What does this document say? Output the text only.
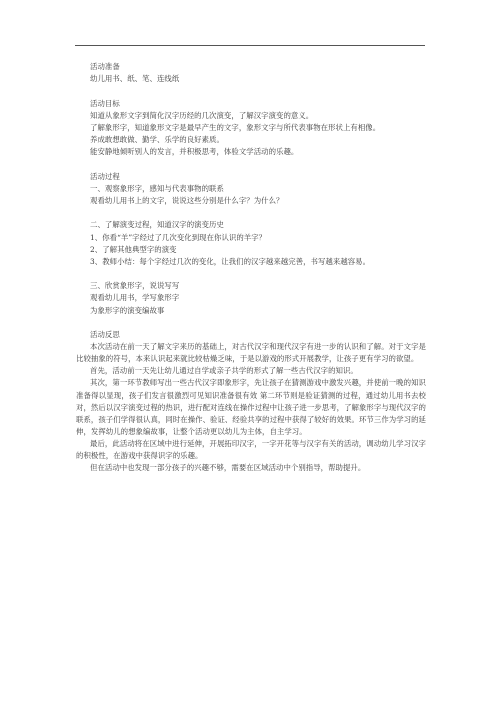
活动准备
幼儿用书、纸、笔、连线纸
活动目标
知道从象形文字到简化汉字历经的几次演变，了解汉字演变的意义。
了解象形字，知道象形文字是最早产生的文字，象形文字与所代表事物在形状上有相像。
养成敢想敢做、勤学、乐学的良好素质。
能安静地倾听别人的发言，并积极思考，体验文学活动的乐趣。
活动过程
一、观察象形字，感知与代表事物的联系
观看幼儿用书上的文字，说说这些分别是什么字？为什么？
二、了解演变过程，知道汉字的演变历史
1、你看“羊”字经过了几次变化到现在你认识的羊字？
2、了解其他典型字的演变
3、教师小结：每个字经过几次的变化，让我们的汉字越来越完善，书写越来越容易。
三、欣赏象形字，说说写写
观看幼儿用书，学写象形字
为象形字的演变编故事
活动反思

本次活动在前一天了解文字来历的基础上，对古代汉字和现代汉字有进一步的认识和了解。对于文字是比较抽象的符号，本来认识起来就比较枯燥乏味，于是以游戏的形式开展教学，让孩子更有学习的欲望。

首先，活动前一天先让幼儿通过自学或亲子共学的形式了解一些古代汉字的知识。

其次，第一环节教师写出一些古代汉字即象形字，先让孩子在猜测游戏中激发兴趣，并使前一晚的知识准备得以显现，孩子们发言很激烈可见知识准备很有效 第二环节则是验证猜测的过程，通过幼儿用书去校对，然后以汉字演变过程的热识，进行配对连线在操作过程中让孩子进一步思考，了解象形字与现代汉字的联系，孩子们学得很认真，同时在操作、验证、经验共享的过程中获得了较好的效果。环节三作为学习的延伸，发挥幼儿的想象编故事，让整个活动更以幼儿为主体，自主学习。

最后，此活动将在区域中进行延伸，开展拓印汉字，一字开花等与汉字有关的活动，调动幼儿学习汉字的积极性，在游戏中获得识字的乐趣。

但在活动中也发现一部分孩子的兴趣不够，需要在区域活动中个别指导，帮助提升。
